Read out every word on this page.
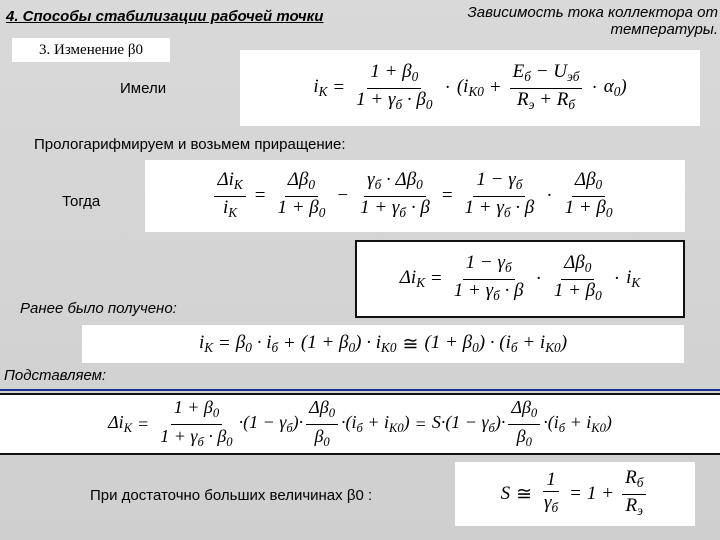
4. Способы стабилизации рабочей точки	Зависимость тока коллектора от температуры.
3. Изменение β0
Имели	$i_К = \frac{1 + \beta_0}{1 + \gamma_б \cdot \beta_0} \cdot (i_{К0} + \frac{E_б - U_{эб}}{R_э + R_б} \cdot \alpha_0)$
Прологарифмируем и возьмем приращение:
Тогда	$\frac{\Delta i_К}{i_К} = \frac{\Delta\beta_0}{1 + \beta_0} - \frac{\gamma_б \cdot \Delta\beta_0}{1 + \gamma_б \cdot \beta} = \frac{1 - \gamma_б}{1 + \gamma_б \cdot \beta} \cdot \frac{\Delta\beta_0}{1 + \beta_0}$
$\Delta i_К = \frac{1 - \gamma_б}{1 + \gamma_б \cdot \beta} \cdot \frac{\Delta\beta_0}{1 + \beta_0} \cdot i_К$
Ранее было получено:
$i_К = \beta_0 \cdot i_б + (1 + \beta_0) \cdot i_{К0}$ ≅ $(1 + \beta_0) \cdot (i_б + i_{К0})$
Подставляем:
$\Delta i_К = \frac{1 + \beta_0}{1 + \gamma_б \cdot \beta_0} \cdot(1 - \gamma_б)\cdot \frac{\Delta\beta_0}{\beta_0} \cdot(i_б + i_{К0}) = S\cdot(1 - \gamma_б)\cdot \frac{\Delta\beta_0}{\beta_0} \cdot(i_б + i_{К0})$
При достаточно больших величинах β0 :	S ≅ $\frac{1}{\gamma_б} = 1 + \frac{R_б}{R_э}$
